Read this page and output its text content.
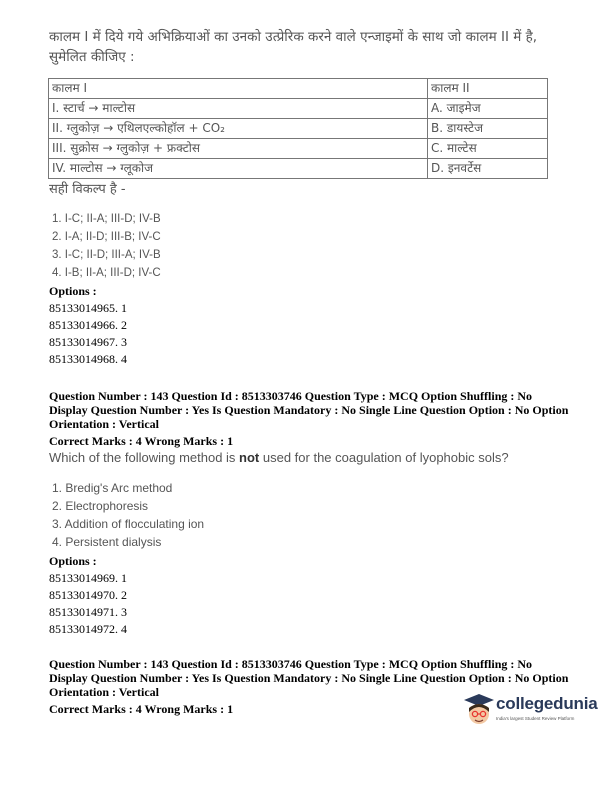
कालम I में दिये गये अभिक्रियाओं का उनको उत्प्रेरिक करने वाले एन्जाइमों के साथ जो कालम II में है, सुमेलित कीजिए :
कालम I	कालम II
I. स्टार्च → माल्टोस	A. जाइमेज
II. ग्लुकोज़ → एथिलएल्कोहॉल + CO₂	B. डायस्टेज
III. सुक्रोस → ग्लुकोज़ + फ्रक्टोस	C. माल्टेस
IV. माल्टोस → ग्लूकोज	D. इनवर्टेस
सही विकल्प है -
1. I-C; II-A; III-D; IV-B
2. I-A; II-D; III-B; IV-C
3. I-C; II-D; III-A; IV-B
4. I-B; II-A; III-D; IV-C
Options :
85133014965. 1
85133014966. 2
85133014967. 3
85133014968. 4
Question Number : 143 Question Id : 8513303746 Question Type : MCQ Option Shuffling : No
Display Question Number : Yes Is Question Mandatory : No Single Line Question Option : No Option
Orientation : Vertical
Correct Marks : 4 Wrong Marks : 1
Which of the following method is not used for the coagulation of lyophobic sols?
1. Bredig's Arc method
2. Electrophoresis
3. Addition of flocculating ion
4. Persistent dialysis
Options :
85133014969. 1
85133014970. 2
85133014971. 3
85133014972. 4
Question Number : 143 Question Id : 8513303746 Question Type : MCQ Option Shuffling : No
Display Question Number : Yes Is Question Mandatory : No Single Line Question Option : No Option
Orientation : Vertical
Correct Marks : 4 Wrong Marks : 1	collegedunia
India's largest Student Review Platform
